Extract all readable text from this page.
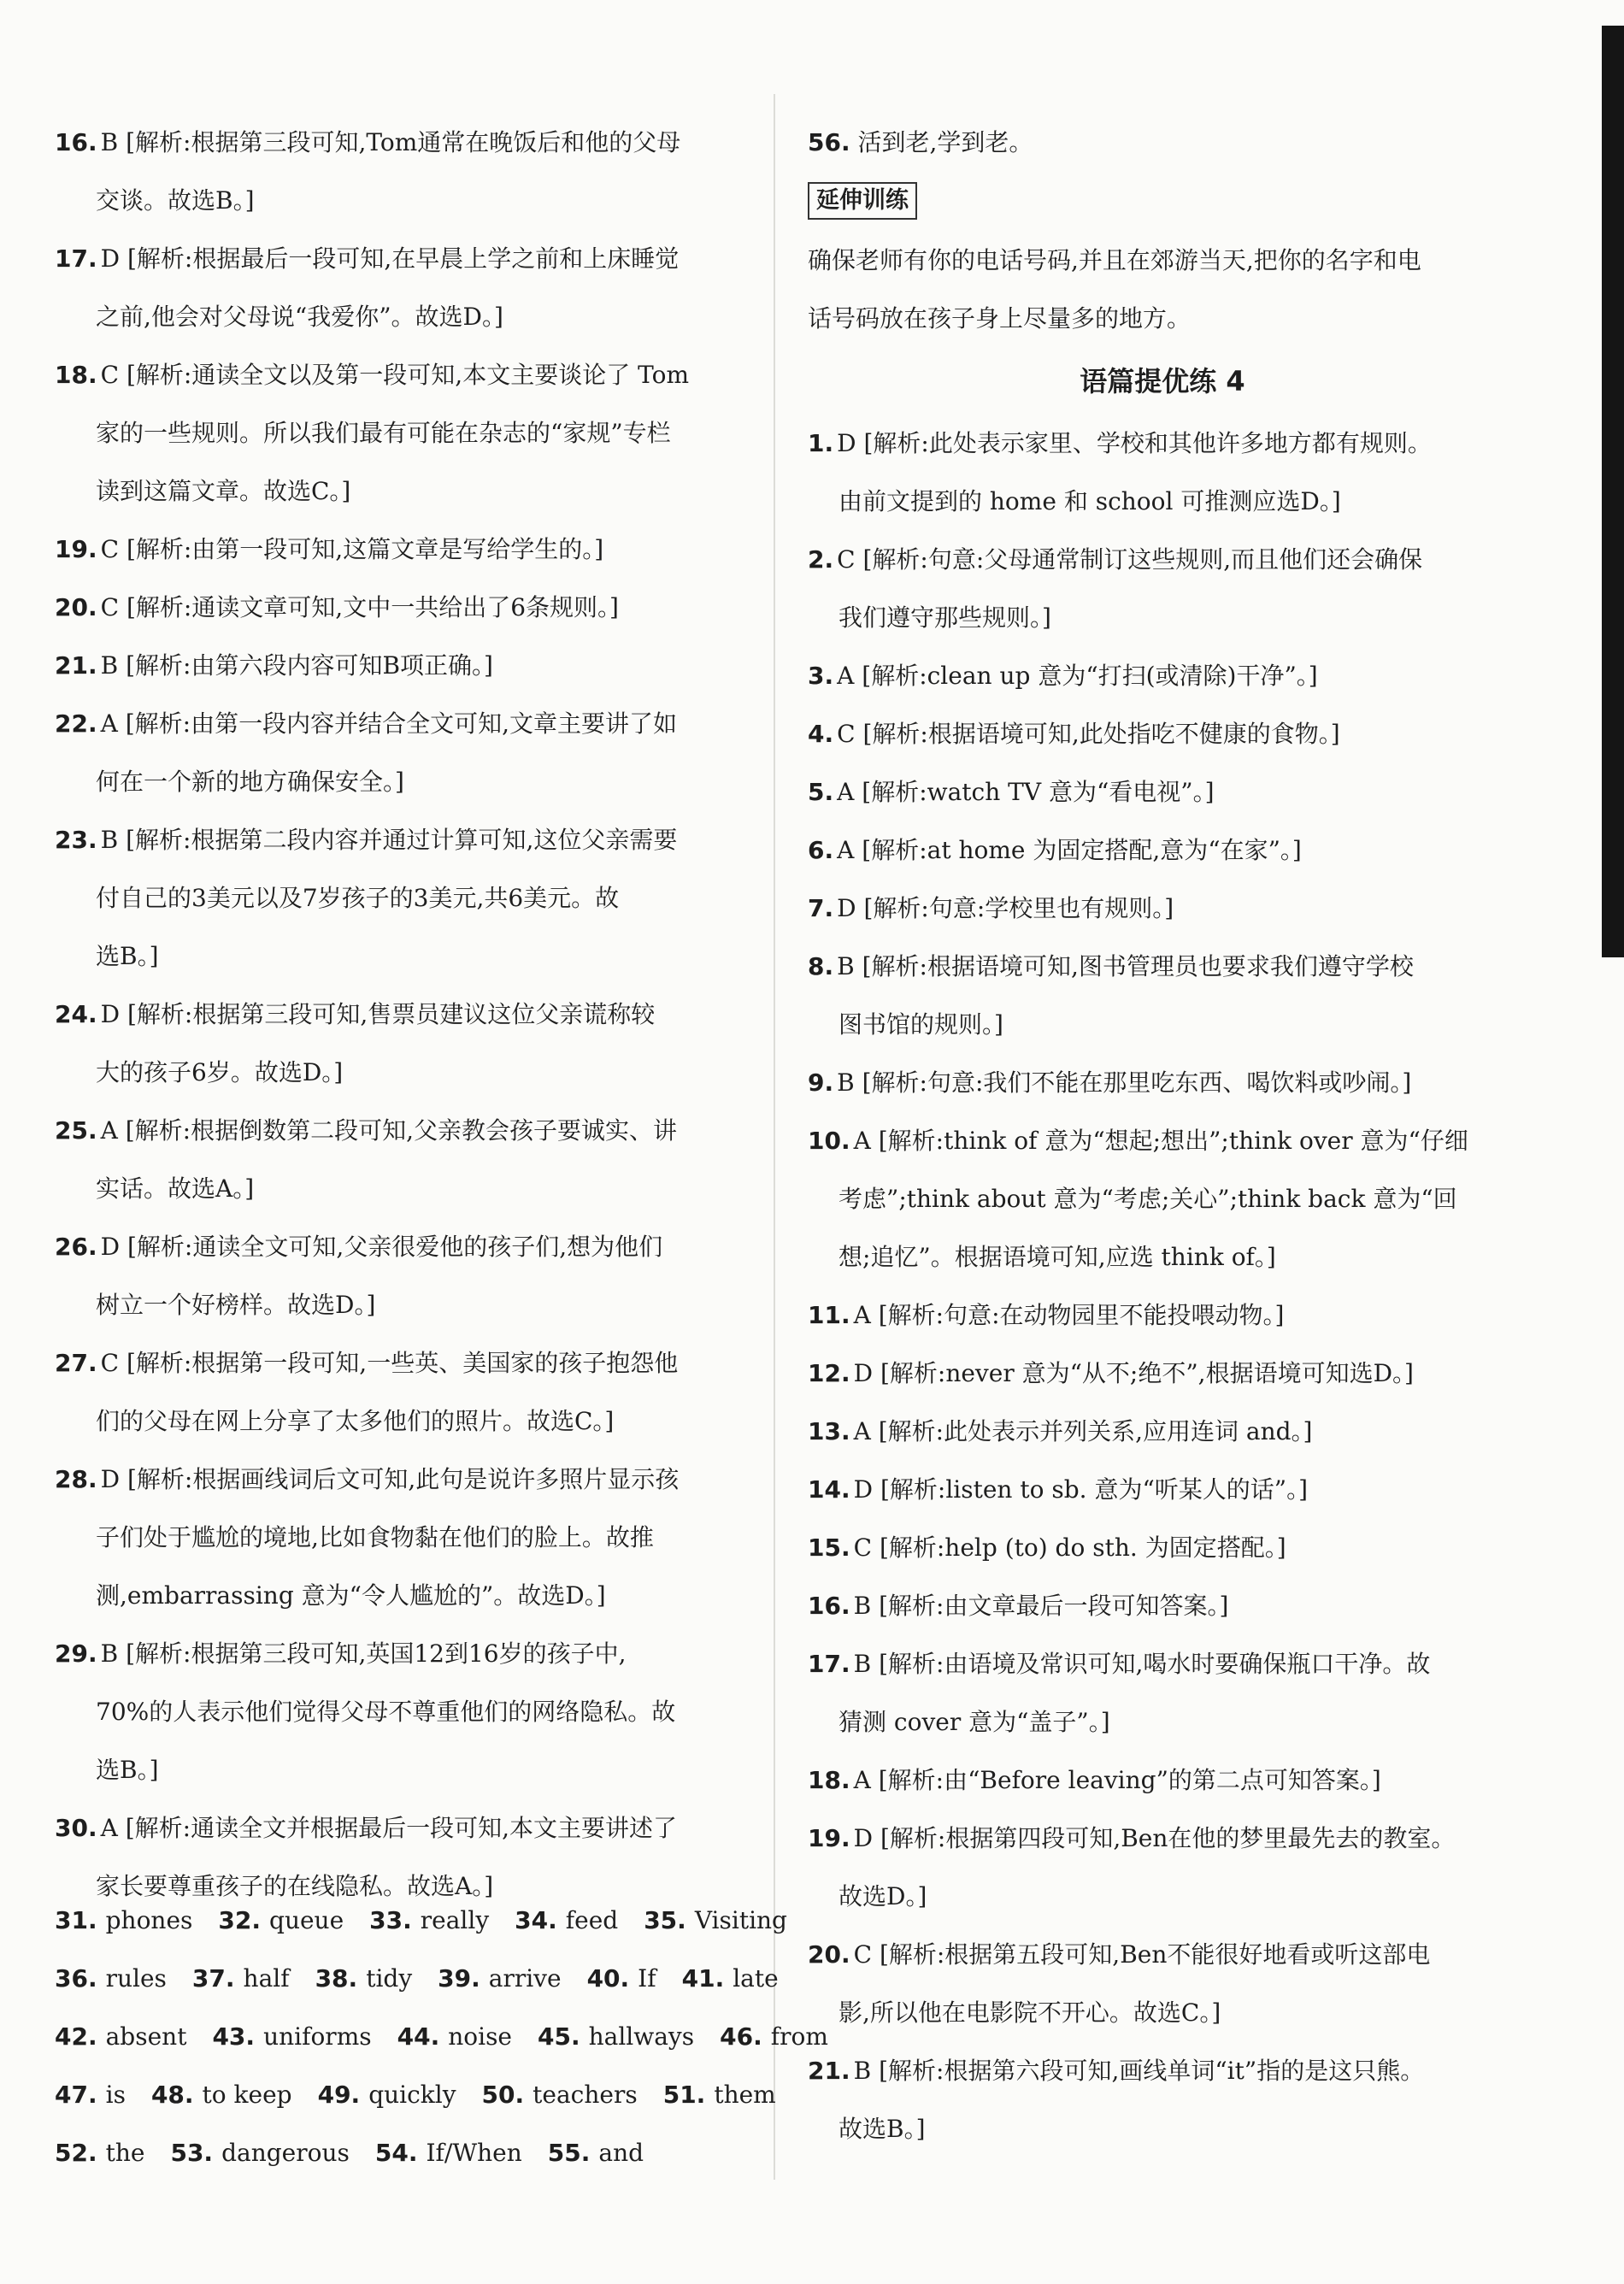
16. B [解析:根据第三段可知,Tom通常在晚饭后和他的父母
交谈。故选B。]
17. D [解析:根据最后一段可知,在早晨上学之前和上床睡觉
之前,他会对父母说“我爱你”。故选D。]
18. C [解析:通读全文以及第一段可知,本文主要谈论了 Tom
家的一些规则。所以我们最有可能在杂志的“家规”专栏
读到这篇文章。故选C。]
19. C [解析:由第一段可知,这篇文章是写给学生的。]
20. C [解析:通读文章可知,文中一共给出了6条规则。]
21. B [解析:由第六段内容可知B项正确。]
22. A [解析:由第一段内容并结合全文可知,文章主要讲了如
何在一个新的地方确保安全。]
23. B [解析:根据第二段内容并通过计算可知,这位父亲需要
付自己的3美元以及7岁孩子的3美元,共6美元。故
选B。]
24. D [解析:根据第三段可知,售票员建议这位父亲谎称较
大的孩子6岁。故选D。]
25. A [解析:根据倒数第二段可知,父亲教会孩子要诚实、讲
实话。故选A。]
26. D [解析:通读全文可知,父亲很爱他的孩子们,想为他们
树立一个好榜样。故选D。]
27. C [解析:根据第一段可知,一些英、美国家的孩子抱怨他
们的父母在网上分享了太多他们的照片。故选C。]
28. D [解析:根据画线词后文可知,此句是说许多照片显示孩
子们处于尴尬的境地,比如食物黏在他们的脸上。故推
测,embarrassing 意为“令人尴尬的”。故选D。]
29. B [解析:根据第三段可知,英国12到16岁的孩子中,
70%的人表示他们觉得父母不尊重他们的网络隐私。故
选B。]
30. A [解析:通读全文并根据最后一段可知,本文主要讲述了
家长要尊重孩子的在线隐私。故选A。]
56. 活到老,学到老。
延伸训练
确保老师有你的电话号码,并且在郊游当天,把你的名字和电
话号码放在孩子身上尽量多的地方。
语篇提优练 4
1. D [解析:此处表示家里、学校和其他许多地方都有规则。
由前文提到的 home 和 school 可推测应选D。]
2. C [解析:句意:父母通常制订这些规则,而且他们还会确保
我们遵守那些规则。]
3. A [解析:clean up 意为“打扫(或清除)干净”。]
4. C [解析:根据语境可知,此处指吃不健康的食物。]
5. A [解析:watch TV 意为“看电视”。]
6. A [解析:at home 为固定搭配,意为“在家”。]
7. D [解析:句意:学校里也有规则。]
8. B [解析:根据语境可知,图书管理员也要求我们遵守学校
图书馆的规则。]
9. B [解析:句意:我们不能在那里吃东西、喝饮料或吵闹。]
10. A [解析:think of 意为“想起;想出”;think over 意为“仔细
考虑”;think about 意为“考虑;关心”;think back 意为“回
想;追忆”。根据语境可知,应选 think of。]
11. A [解析:句意:在动物园里不能投喂动物。]
12. D [解析:never 意为“从不;绝不”,根据语境可知选D。]
13. A [解析:此处表示并列关系,应用连词 and。]
14. D [解析:listen to sb. 意为“听某人的话”。]
15. C [解析:help (to) do sth. 为固定搭配。]
16. B [解析:由文章最后一段可知答案。]
17. B [解析:由语境及常识可知,喝水时要确保瓶口干净。故
猜测 cover 意为“盖子”。]
18. A [解析:由“Before leaving”的第二点可知答案。]
19. D [解析:根据第四段可知,Ben在他的梦里最先去的教室。
故选D。]
20. C [解析:根据第五段可知,Ben不能很好地看或听这部电
影,所以他在电影院不开心。故选C。]
21. B [解析:根据第六段可知,画线单词“it”指的是这只熊。
故选B。]
31. phones 32. queue 33. really 34. feed 35. Visiting
36. rules 37. half 38. tidy 39. arrive 40. If 41. late
42. absent 43. uniforms 44. noise 45. hallways 46. from
47. is 48. to keep 49. quickly 50. teachers 51. them
52. the 53. dangerous 54. If/When 55. and
